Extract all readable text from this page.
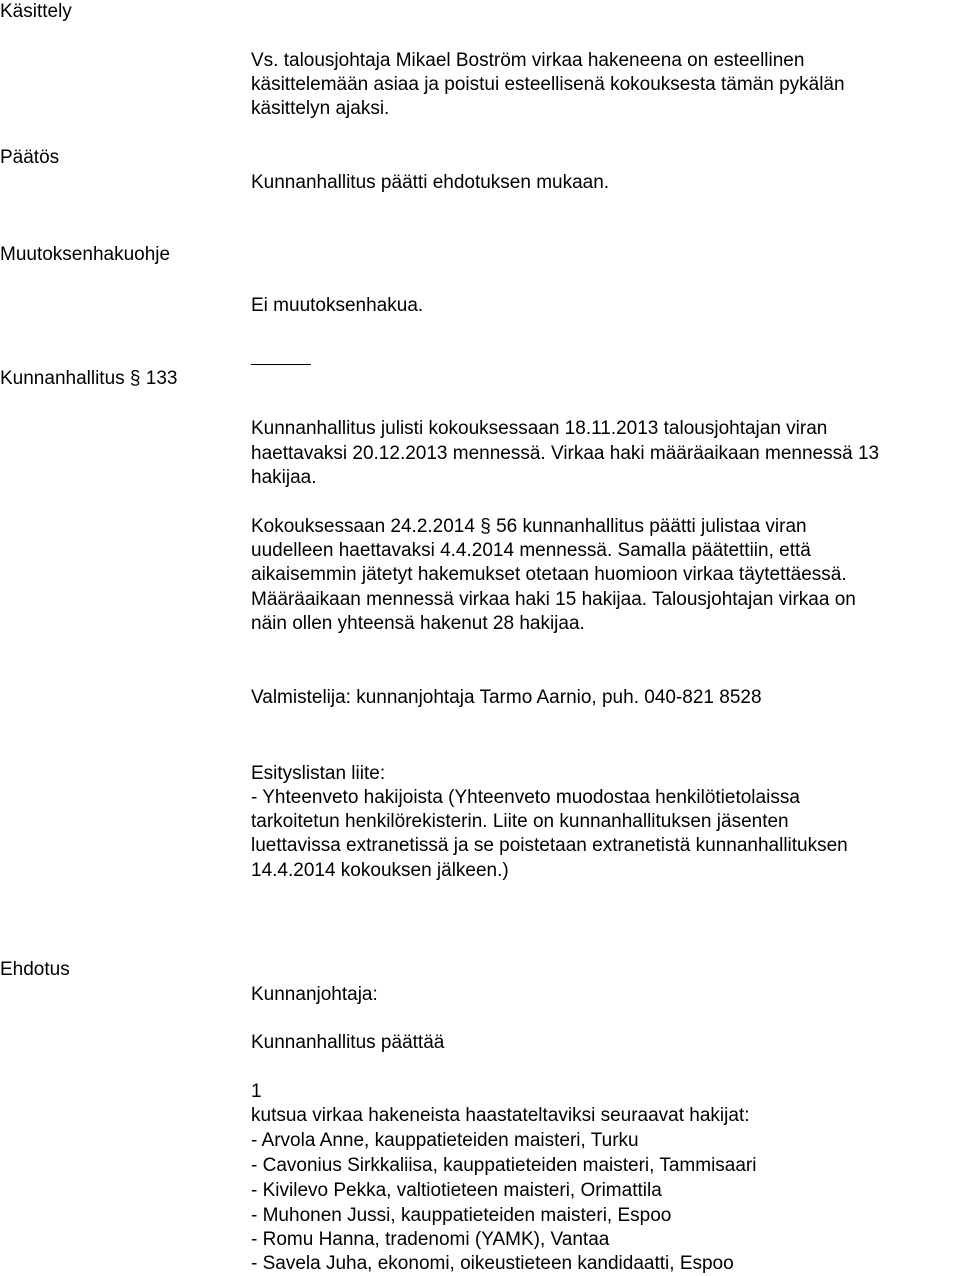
Käsittely
Päätös
Muutoksenhakuohje
Kunnanhallitus § 133
Ehdotus
Vs. talousjohtaja Mikael Boström virkaa hakeneena on esteellinen
käsittelemään asiaa ja poistui esteellisenä kokouksesta tämän pykälän
käsittelyn ajaksi.
Kunnanhallitus päätti ehdotuksen mukaan.
Ei muutoksenhakua.
Kunnanhallitus julisti kokouksessaan 18.11.2013 talousjohtajan viran
haettavaksi 20.12.2013 mennessä. Virkaa haki määräaikaan mennessä 13
hakijaa.
Kokouksessaan 24.2.2014 § 56 kunnanhallitus päätti julistaa viran
uudelleen haettavaksi 4.4.2014 mennessä. Samalla päätettiin, että
aikaisemmin jätetyt hakemukset otetaan huomioon virkaa täytettäessä.
Määräaikaan mennessä virkaa haki 15 hakijaa. Talousjohtajan virkaa on
näin ollen yhteensä hakenut 28 hakijaa.
Valmistelija: kunnanjohtaja Tarmo Aarnio, puh. 040-821 8528
Esityslistan liite:
- Yhteenveto hakijoista (Yhteenveto muodostaa henkilötietolaissa
tarkoitetun henkilörekisterin. Liite on kunnanhallituksen jäsenten
luettavissa extranetissä ja se poistetaan extranetistä kunnanhallituksen
14.4.2014 kokouksen jälkeen.)
Kunnanjohtaja:
Kunnanhallitus päättää
1
kutsua virkaa hakeneista haastateltaviksi seuraavat hakijat:
- Arvola Anne, kauppatieteiden maisteri, Turku
- Cavonius Sirkkaliisa, kauppatieteiden maisteri, Tammisaari
- Kivilevo Pekka, valtiotieteen maisteri, Orimattila
- Muhonen Jussi, kauppatieteiden maisteri, Espoo
- Romu Hanna, tradenomi (YAMK), Vantaa
- Savela Juha, ekonomi, oikeustieteen kandidaatti, Espoo
